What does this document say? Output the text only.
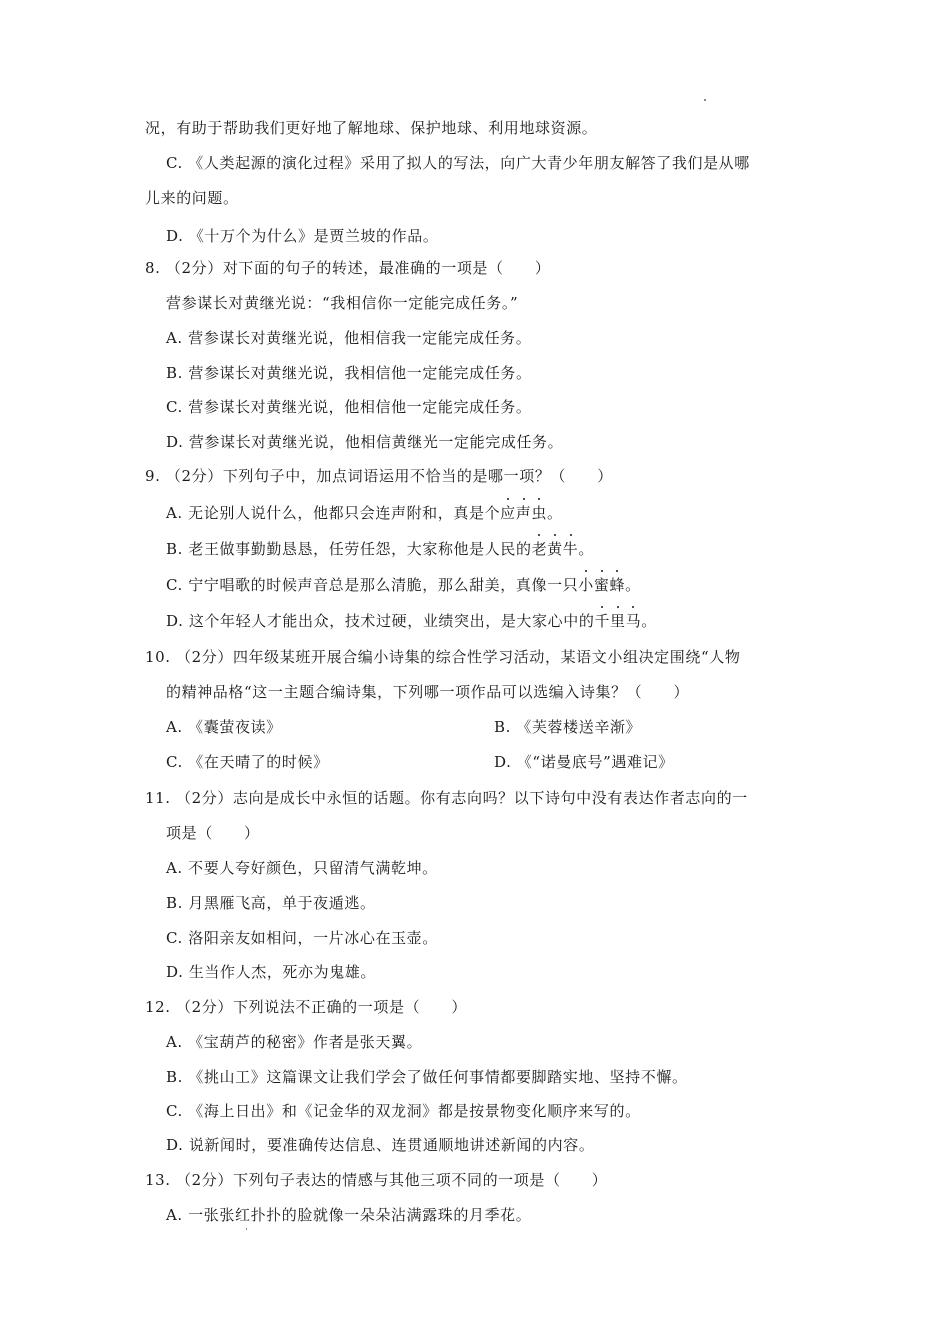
况，有助于帮助我们更好地了解地球、保护地球、利用地球资源。
C. 《人类起源的演化过程》采用了拟人的写法，向广大青少年朋友解答了我们是从哪
儿来的问题。
D. 《十万个为什么》是贾兰坡的作品。
8. （2分）对下面的句子的转述，最准确的一项是（　　）
营参谋长对黄继光说：“我相信你一定能完成任务。”
A. 营参谋长对黄继光说，他相信我一定能完成任务。
B. 营参谋长对黄继光说，我相信他一定能完成任务。
C. 营参谋长对黄继光说，他相信他一定能完成任务。
D. 营参谋长对黄继光说，他相信黄继光一定能完成任务。
9. （2分）下列句子中，加点词语运用不恰当的是哪一项？（　　）
A. 无论别人说什么，他都只会连声附和，真是个应声虫。
B. 老王做事勤勤恳恳，任劳任怨，大家称他是人民的老黄牛。
C. 宁宁唱歌的时候声音总是那么清脆，那么甜美，真像一只小蜜蜂。
D. 这个年轻人才能出众，技术过硬，业绩突出，是大家心中的千里马。
10. （2分）四年级某班开展合编小诗集的综合性学习活动，某语文小组决定围绕“人物
的精神品格“这一主题合编诗集，下列哪一项作品可以选编入诗集？（　　）
A. 《囊萤夜读》	B. 《芙蓉楼送辛渐》
C. 《在天晴了的时候》	D. 《“诺曼底号”遇难记》
11. （2分）志向是成长中永恒的话题。你有志向吗？以下诗句中没有表达作者志向的一
项是（　　）
A. 不要人夸好颜色，只留清气满乾坤。
B. 月黑雁飞高，单于夜遁逃。
C. 洛阳亲友如相问，一片冰心在玉壶。
D. 生当作人杰，死亦为鬼雄。
12. （2分）下列说法不正确的一项是（　　）
A. 《宝葫芦的秘密》作者是张天翼。
B. 《挑山工》这篇课文让我们学会了做任何事情都要脚踏实地、坚持不懈。
C. 《海上日出》和《记金华的双龙洞》都是按景物变化顺序来写的。
D. 说新闻时，要准确传达信息、连贯通顺地讲述新闻的内容。
13. （2分）下列句子表达的情感与其他三项不同的一项是（　　）
A. 一张张红扑扑的脸就像一朵朵沾满露珠的月季花。
